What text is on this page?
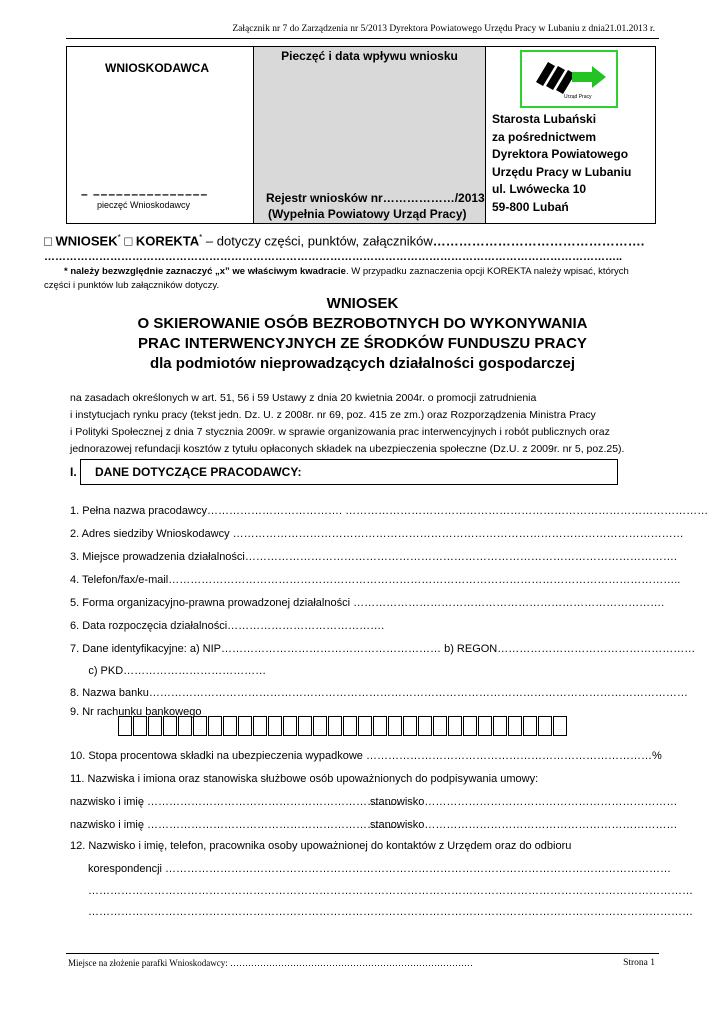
Załącznik nr 7 do Zarządzenia nr 5/2013 Dyrektora Powiatowego Urzędu Pracy w Lubaniu z dnia21.01.2013 r.
WNIOSKODAWCA
– –––––––––––––––
pieczęć Wnioskodawcy
Pieczęć i data wpływu wniosku
Rejestr wniosków nr………………/2013
(Wypełnia Powiatowy Urząd Pracy)
Urząd Pracy
Starosta Lubański
za pośrednictwem
Dyrektora Powiatowego
Urzędu Pracy w Lubaniu
ul. Lwówecka 10
59-800 Lubań
□ WNIOSEK* □ KOREKTA* – dotyczy części, punktów, załączników………………………………………….
…………………………………………………………………………………………………………………………………………..
* należy bezwzględnie zaznaczyć „x” we właściwym kwadracie. W przypadku zaznaczenia opcji KOREKTA należy wpisać, których
części i punktów lub załączników dotyczy.
WNIOSEK
O SKIEROWANIE OSÓB BEZROBOTNYCH DO WYKONYWANIA
PRAC INTERWENCYJNYCH ZE ŚRODKÓW FUNDUSZU PRACY
dla podmiotów nieprowadzących działalności gospodarczej
na zasadach określonych w art. 51, 56 i 59 Ustawy z dnia 20 kwietnia 2004r. o promocji zatrudnienia
i instytucjach rynku pracy (tekst jedn. Dz. U. z 2008r. nr 69, poz. 415 ze zm.) oraz Rozporządzenia Ministra Pracy
i Polityki Społecznej z dnia 7 stycznia 2009r. w sprawie organizowania prac interwencyjnych i robót publicznych oraz
jednorazowej refundacji kosztów z tytułu opłaconych składek na ubezpieczenia społeczne (Dz.U. z 2009r. nr 5, poz.25).
I. DANE DOTYCZĄCE PRACODAWCY:
1. Pełna nazwa pracodawcy………………………………. ………………………………………………………………………………………
2. Adres siedziby Wnioskodawcy ……………………………………………………………………………………………………………
3. Miejsce prowadzenia działalności……………………………………………………………………………………………………….
4. Telefon/fax/e-mail…………………………………………………………………………………………………………………………..
5. Forma organizacyjno-prawna prowadzonej działalności ………………………………………………………………………….
6. Data rozpoczęcia działalności…………………………………….
7. Dane identyfikacyjne: a) NIP…………………………………………………… b) REGON………………………………………………
c) PKD…………………………………
8. Nazwa banku…………………………………………………………………………………………………………………………………
9. Nr rachunku bankowego
10. Stopa procentowa składki na ubezpieczenia wypadkowe ……………………………………………………………………%
11. Nazwiska i imiona oraz stanowiska służbowe osób upoważnionych do podpisywania umowy:
nazwisko i imię ……………………………………………………………
stanowisko……………………………………………………………
nazwisko i imię ……………………………………………………………
stanowisko……………………………………………………………
12. Nazwisko i imię, telefon, pracownika osoby upoważnionej do kontaktów z Urzędem oraz do odbioru
korespondencji …………………………………………………………………………………………………………………………
…………………………………………………………………………………………………………………………………………………
…………………………………………………………………………………………………………………………………………………
Miejsce na złożenie parafki Wnioskodawcy: ………………………………………………………………………	Strona 1
